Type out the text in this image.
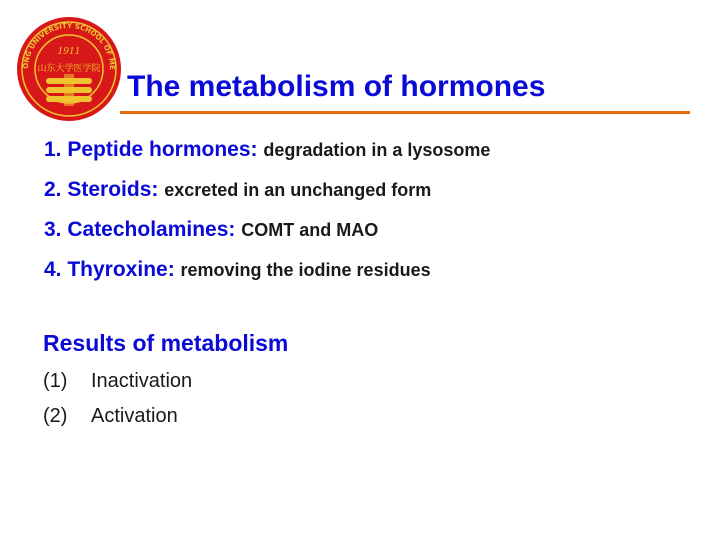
ONG UNIVERSITY SCHOOL OF ME
1911
山东大学医学院
The metabolism of hormones
1. Peptide hormones: degradation in a lysosome
2. Steroids: excreted in an unchanged form
3. Catecholamines: COMT and MAO
4. Thyroxine: removing the iodine residues
Results of metabolism
(1) Inactivation
(2) Activation
